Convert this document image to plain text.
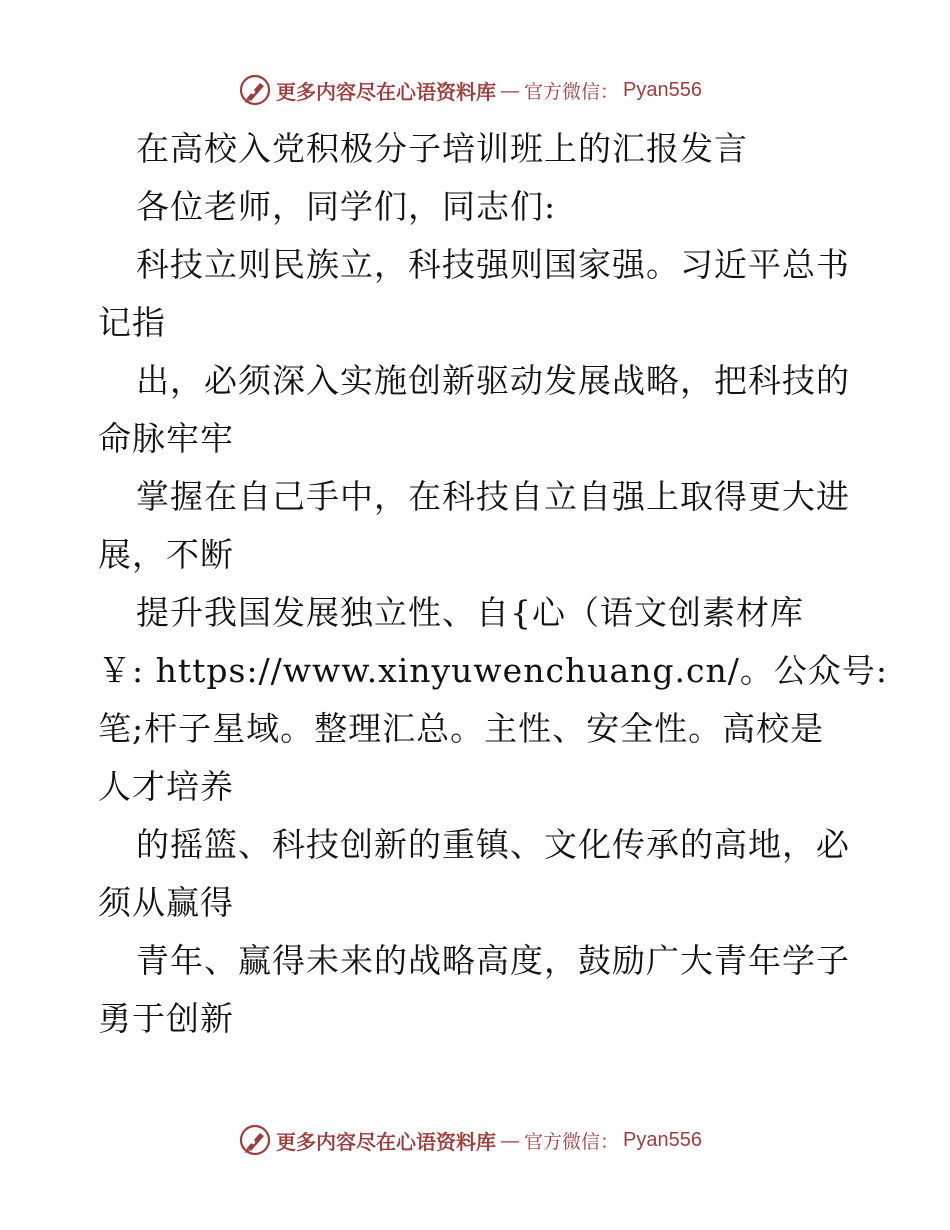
更多内容尽在心语资料库 — 官方微信： Pyan556
在高校入党积极分子培训班上的汇报发言
各位老师，同学们，同志们:
科技立则民族立，科技强则国家强。习近平总书
记指
出，必须深入实施创新驱动发展战略，把科技的
命脉牢牢
掌握在自己手中，在科技自立自强上取得更大进
展，不断
提升我国发展独立性、自{心（语文创素材库
￥: https://www.xinyuwenchuang.cn/。公众号:
笔;杆子星域。整理汇总。主性、安全性。高校是
人才培养
的摇篮、科技创新的重镇、文化传承的高地，必
须从赢得
青年、赢得未来的战略高度，鼓励广大青年学子
勇于创新
更多内容尽在心语资料库 — 官方微信： Pyan556
